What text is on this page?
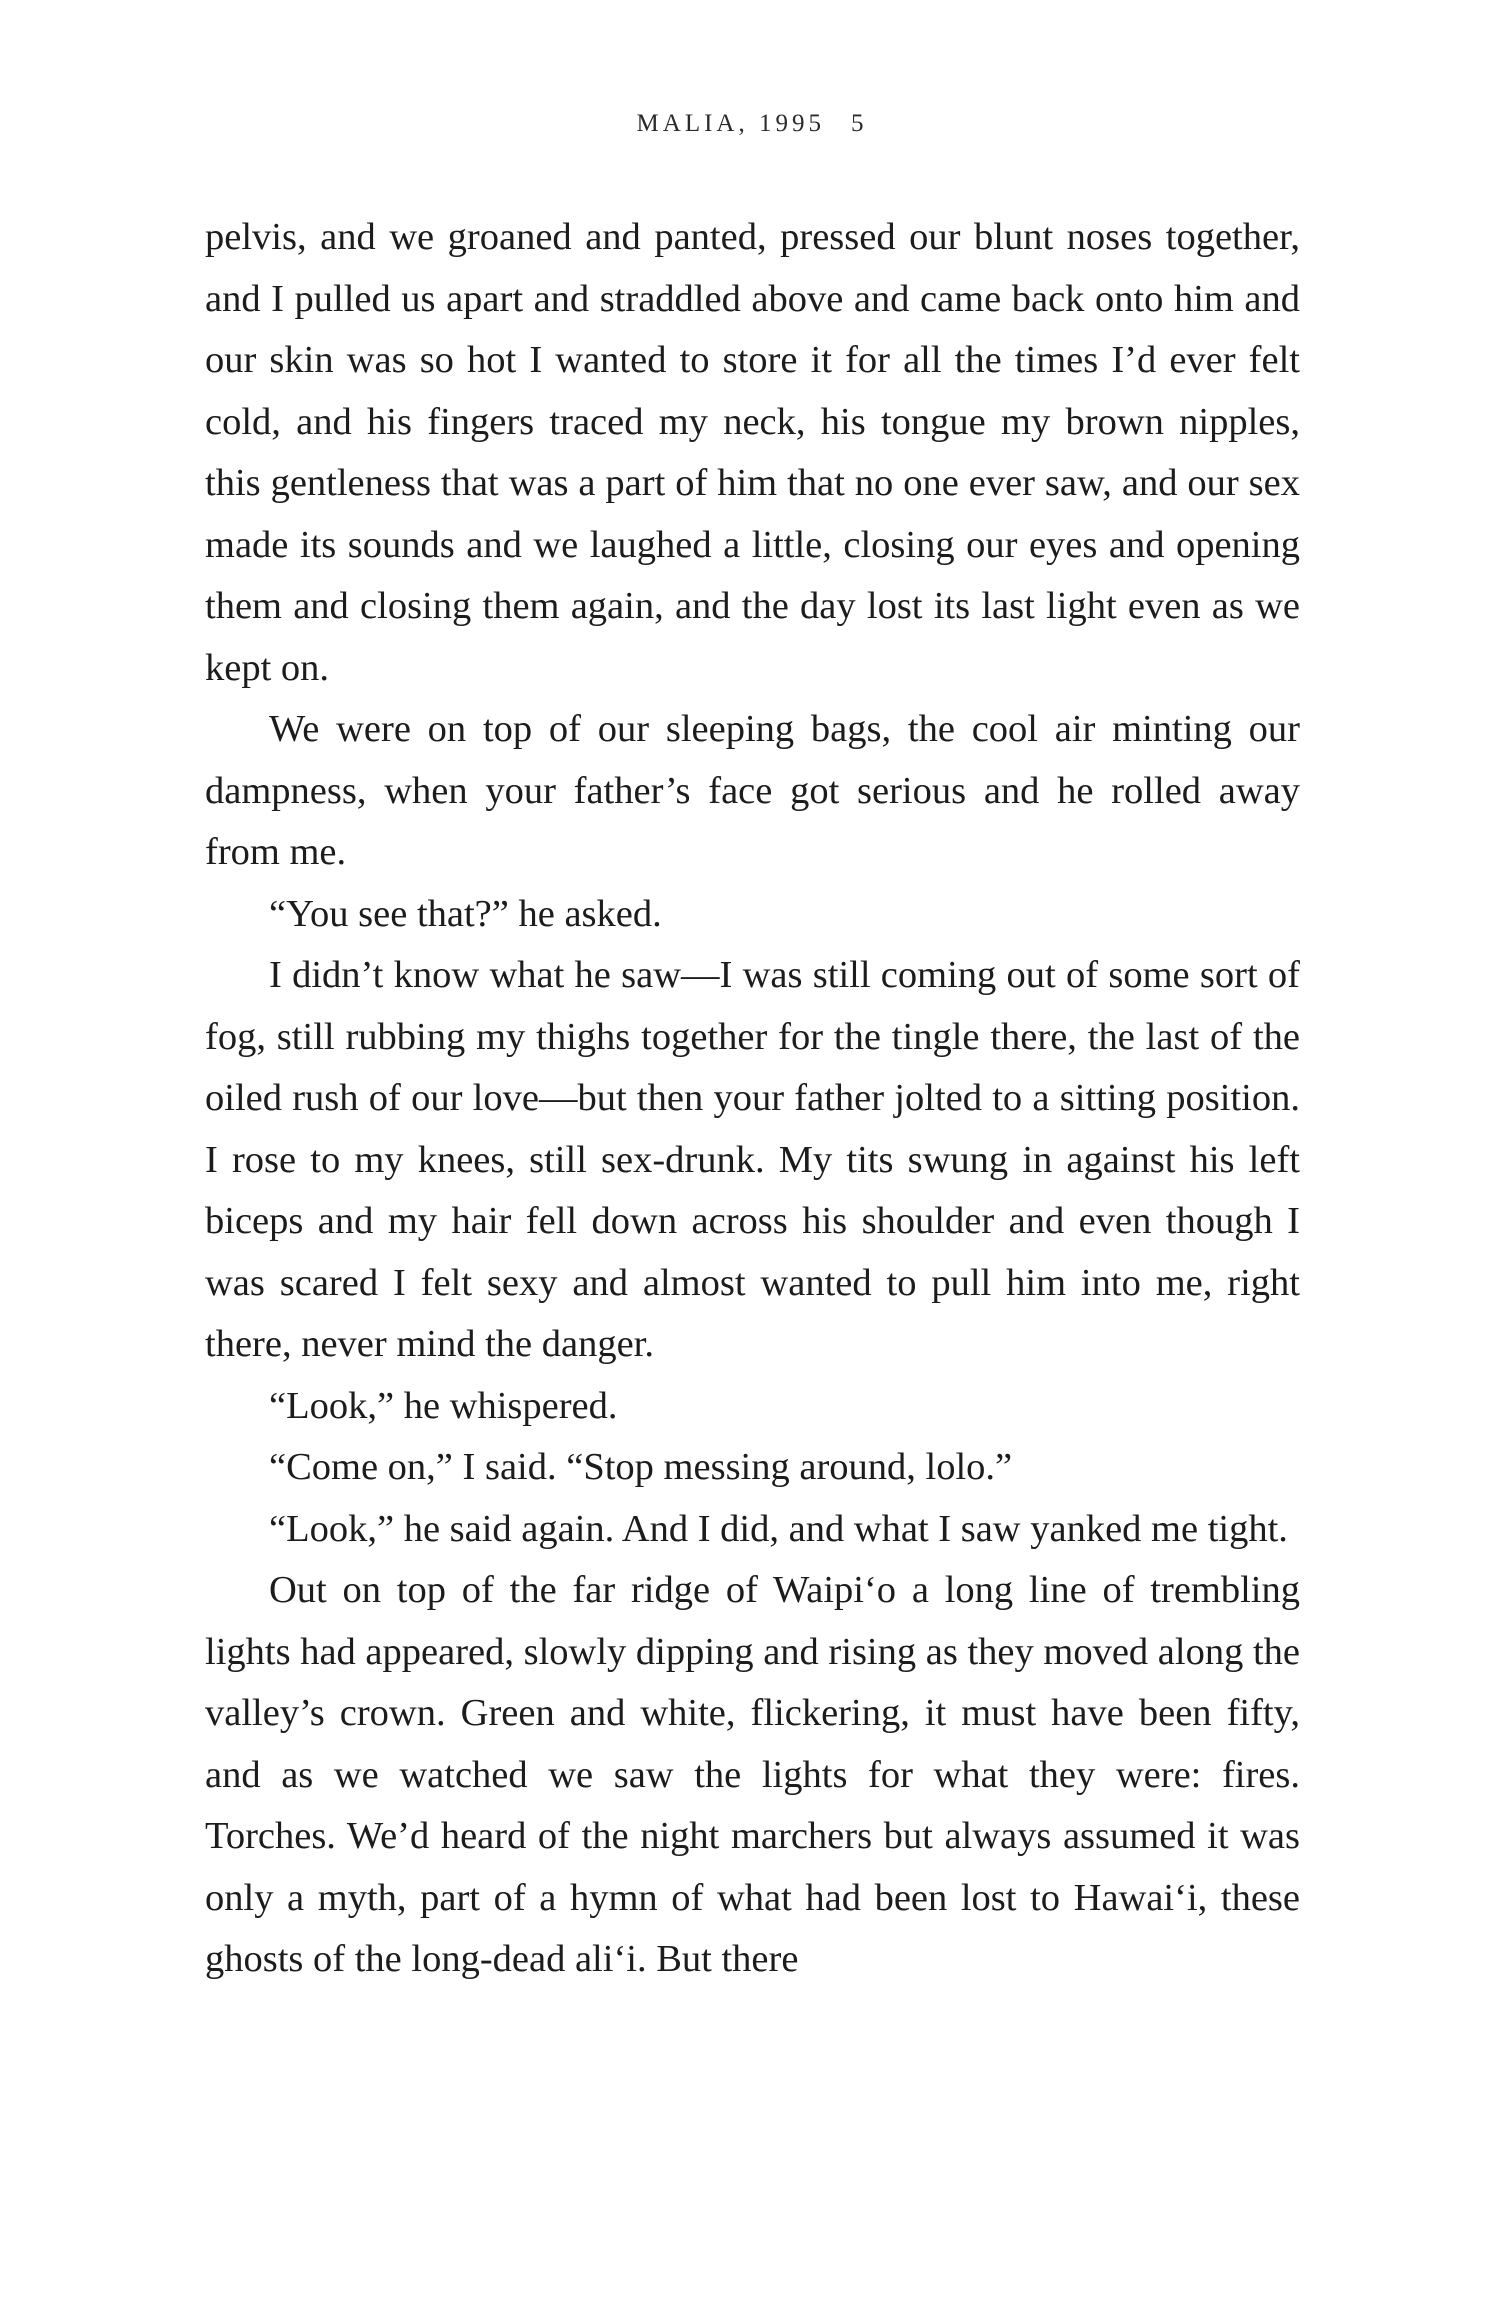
MALIA, 1995 5

pelvis, and we groaned and panted, pressed our blunt noses together, and I pulled us apart and straddled above and came back onto him and our skin was so hot I wanted to store it for all the times I’d ever felt cold, and his fingers traced my neck, his tongue my brown nipples, this gentleness that was a part of him that no one ever saw, and our sex made its sounds and we laughed a little, closing our eyes and opening them and closing them again, and the day lost its last light even as we kept on.

We were on top of our sleeping bags, the cool air minting our dampness, when your father’s face got serious and he rolled away from me.

“You see that?” he asked.

I didn’t know what he saw—I was still coming out of some sort of fog, still rubbing my thighs together for the tingle there, the last of the oiled rush of our love—but then your father jolted to a sitting position. I rose to my knees, still sex-drunk. My tits swung in against his left biceps and my hair fell down across his shoulder and even though I was scared I felt sexy and almost wanted to pull him into me, right there, never mind the danger.

“Look,” he whispered.

“Come on,” I said. “Stop messing around, lolo.”

“Look,” he said again. And I did, and what I saw yanked me tight.

Out on top of the far ridge of Waipi‘o a long line of trembling lights had appeared, slowly dipping and rising as they moved along the valley’s crown. Green and white, flickering, it must have been fifty, and as we watched we saw the lights for what they were: fires. Torches. We’d heard of the night marchers but always assumed it was only a myth, part of a hymn of what had been lost to Hawai‘i, these ghosts of the long-dead ali‘i. But there
